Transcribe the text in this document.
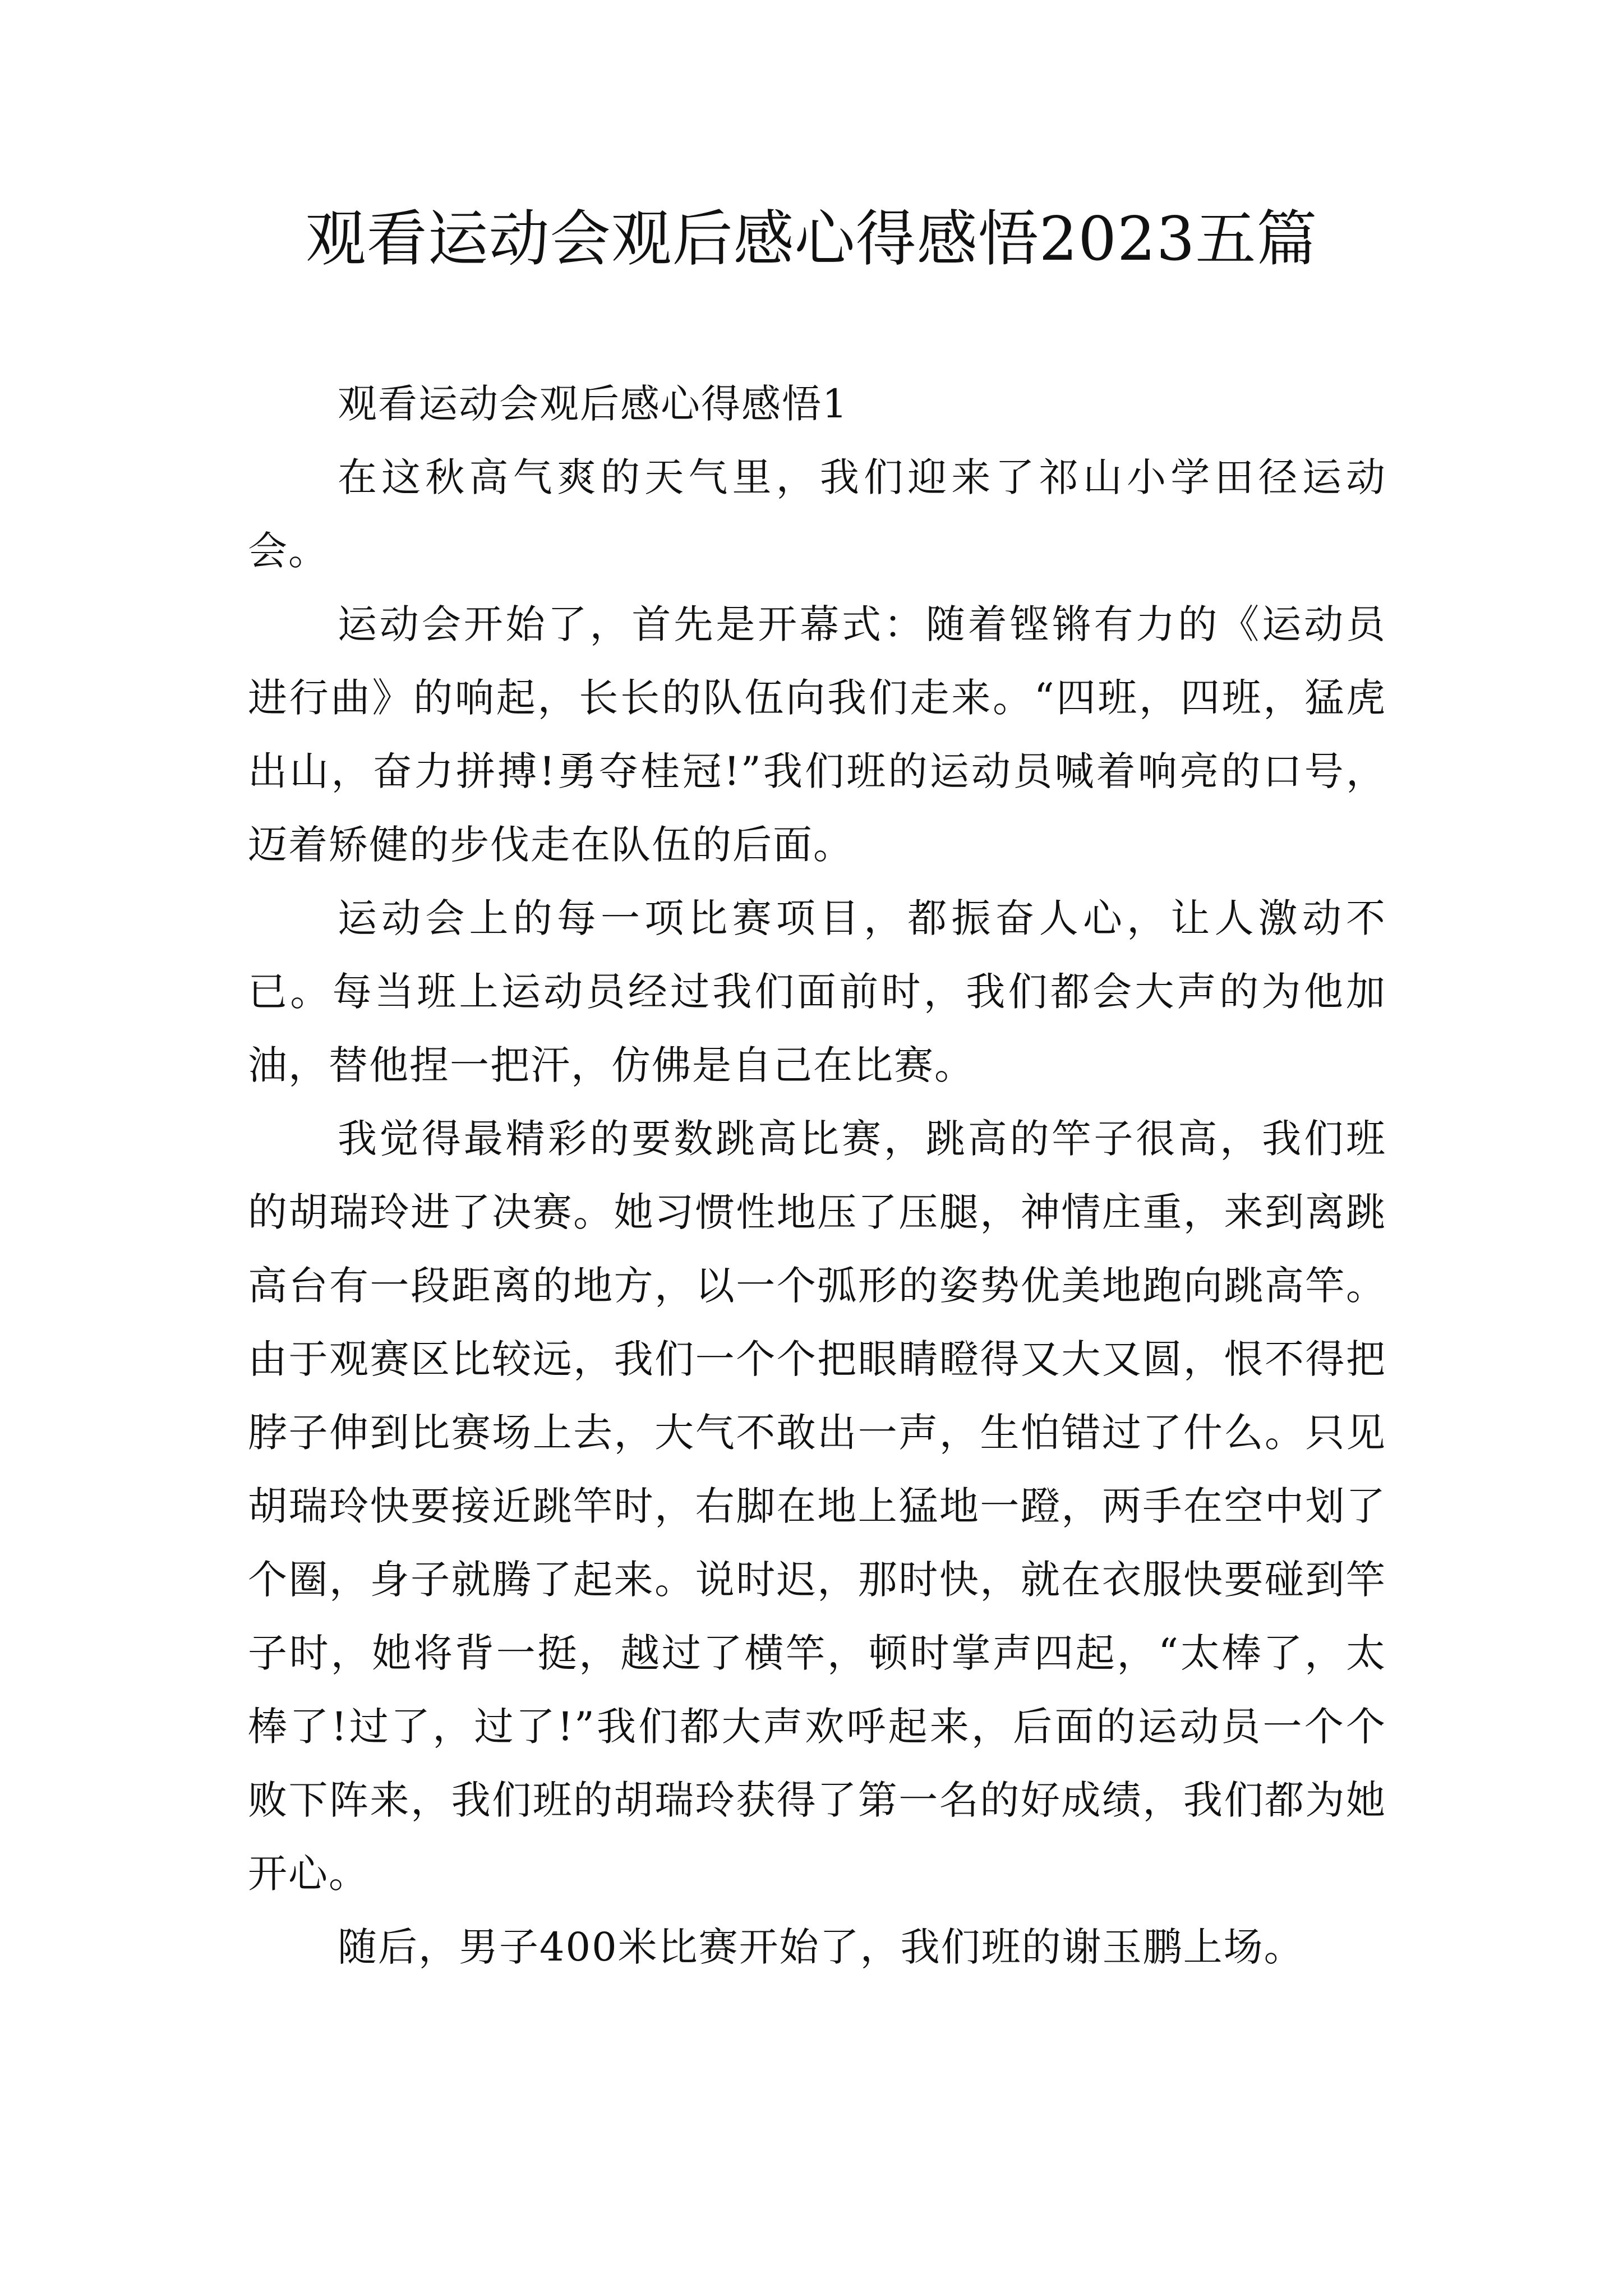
观看运动会观后感心得感悟2023五篇

观看运动会观后感心得感悟1

在这秋高气爽的天气里，我们迎来了祁山小学田径运动会。

运动会开始了，首先是开幕式：随着铿锵有力的《运动员进行曲》的响起，长长的队伍向我们走来。“四班，四班，猛虎出山，奋力拼搏!勇夺桂冠!”我们班的运动员喊着响亮的口号，迈着矫健的步伐走在队伍的后面。

运动会上的每一项比赛项目，都振奋人心，让人激动不已。每当班上运动员经过我们面前时，我们都会大声的为他加油，替他捏一把汗，仿佛是自己在比赛。

我觉得最精彩的要数跳高比赛，跳高的竿子很高，我们班的胡瑞玲进了决赛。她习惯性地压了压腿，神情庄重，来到离跳高台有一段距离的地方，以一个弧形的姿势优美地跑向跳高竿。由于观赛区比较远，我们一个个把眼睛瞪得又大又圆，恨不得把脖子伸到比赛场上去，大气不敢出一声，生怕错过了什么。只见胡瑞玲快要接近跳竿时，右脚在地上猛地一蹬，两手在空中划了个圈，身子就腾了起来。说时迟，那时快，就在衣服快要碰到竿子时，她将背一挺，越过了横竿，顿时掌声四起，“太棒了，太棒了!过了，过了!”我们都大声欢呼起来，后面的运动员一个个败下阵来，我们班的胡瑞玲获得了第一名的好成绩，我们都为她开心。

随后，男子400米比赛开始了，我们班的谢玉鹏上场。
